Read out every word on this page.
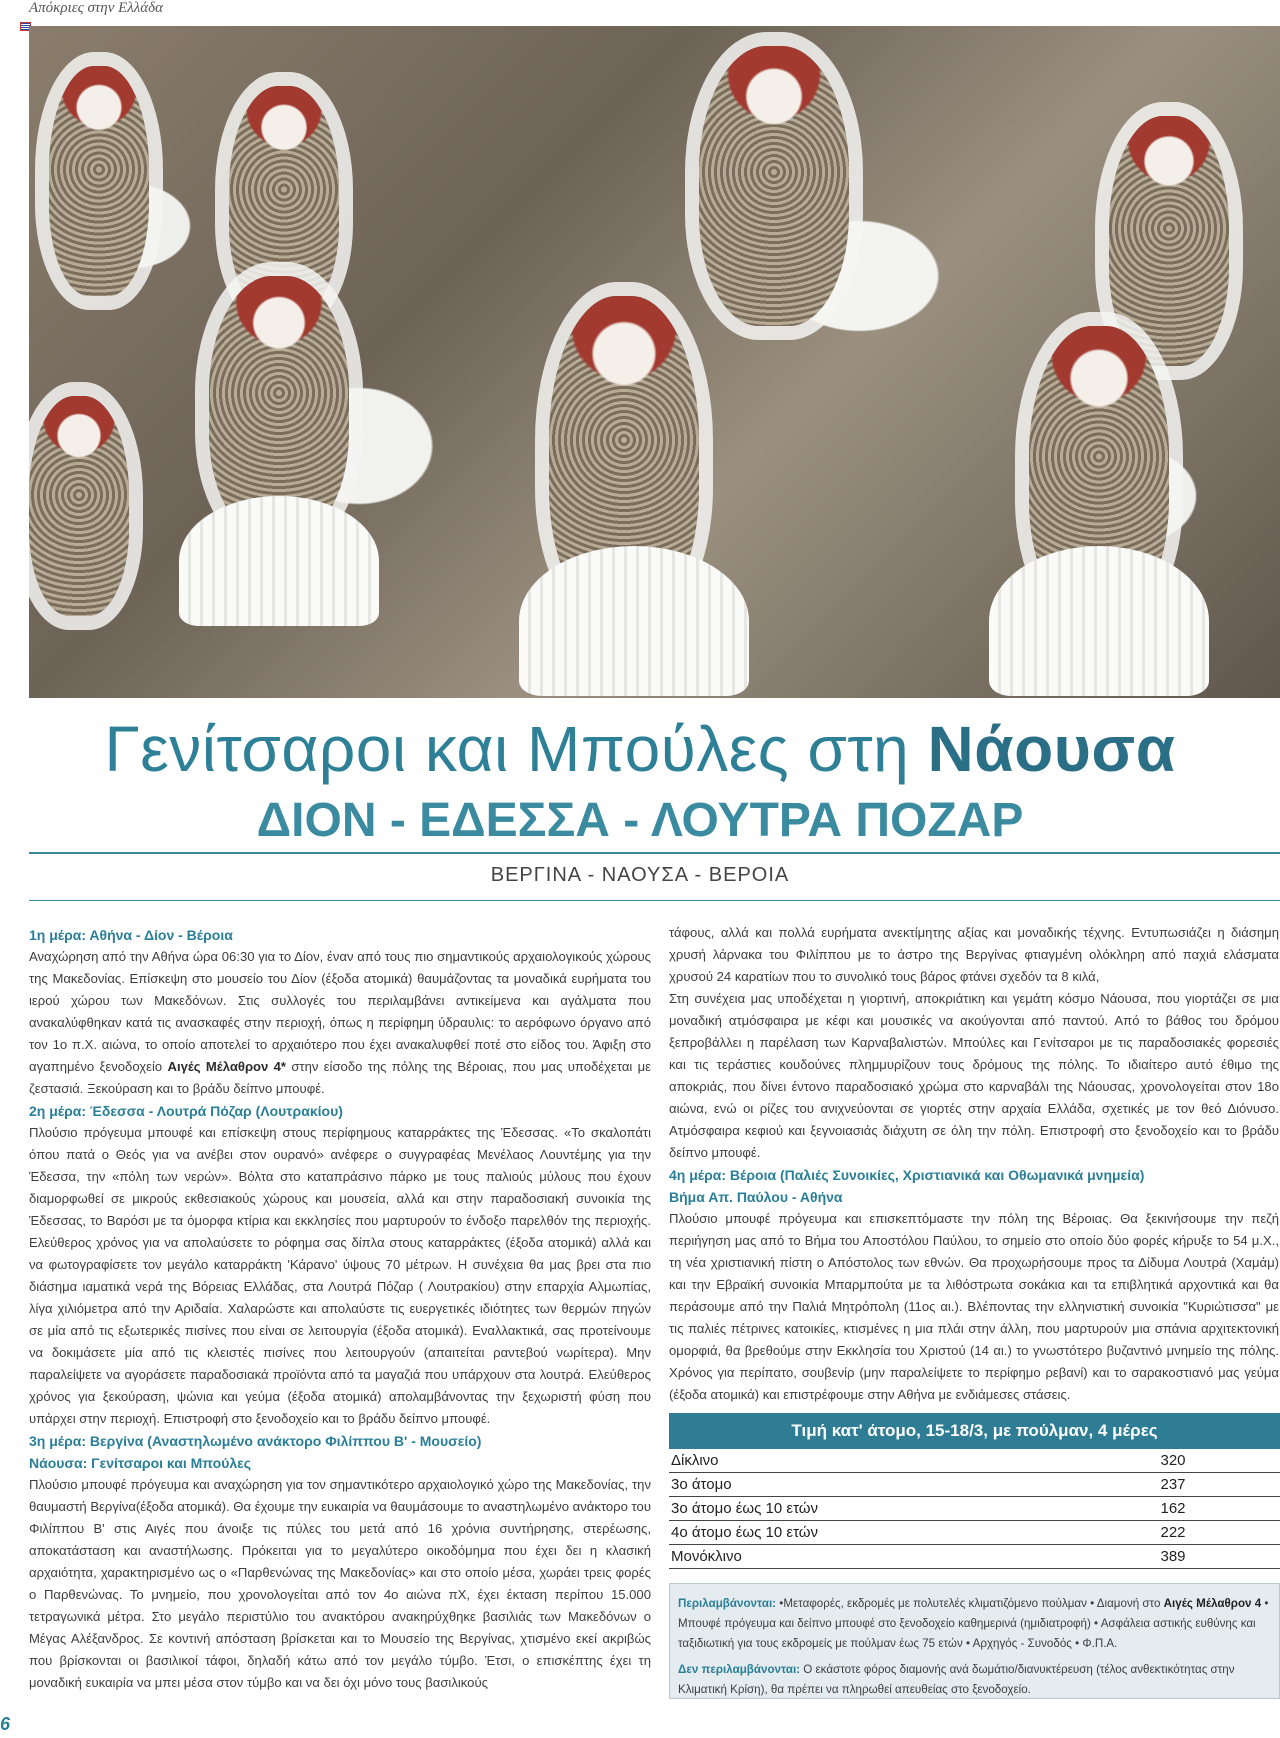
Απόκριες στην Ελλάδα
Γενίτσαροι και Μπούλες στη Νάουσα
ΔΙΟΝ - ΕΔΕΣΣΑ - ΛΟΥΤΡΑ ΠΟΖΑΡ
ΒΕΡΓΙΝΑ - ΝΑΟΥΣΑ - ΒΕΡΟΙΑ

1η μέρα: Αθήνα - Δίον - Βέροια

Αναχώρηση από την Αθήνα ώρα 06:30 για το Δίον, έναν από τους πιο σημαντικούς αρχαιολογικούς χώρους της Μακεδονίας. Επίσκεψη στο μουσείο του Δίον (έξοδα ατομικά) θαυμάζοντας τα μοναδικά ευρήματα του ιερού χώρου των Μακεδόνων. Στις συλλογές του περιλαμβάνει αντικείμενα και αγάλματα που ανακαλύφθηκαν κατά τις ανασκαφές στην περιοχή, όπως η περίφημη ύδραυλις: το αερόφωνο όργανο από τον 1ο π.Χ. αιώνα, το οποίο αποτελεί το αρχαιότερο που έχει ανακαλυφθεί ποτέ στο είδος του. Άφιξη στο αγαπημένο ξενοδοχείο Αιγές Μέλαθρον 4* στην είσοδο της πόλης της Βέροιας, που μας υποδέχεται με ζεστασιά. Ξεκούραση και το βράδυ δείπνο μπουφέ.

2η μέρα: Έδεσσα - Λουτρά Πόζαρ (Λουτρακίου)

Πλούσιο πρόγευμα μπουφέ και επίσκεψη στους περίφημους καταρράκτες της Έδεσσας. «Το σκαλοπάτι όπου πατά ο Θεός για να ανέβει στον ουρανό» ανέφερε ο συγγραφέας Μενέλαος Λουντέμης για την Έδεσσα, την «πόλη των νερών». Βόλτα στο καταπράσινο πάρκο με τους παλιούς μύλους που έχουν διαμορφωθεί σε μικρούς εκθεσιακούς χώρους και μουσεία, αλλά και στην παραδοσιακή συνοικία της Έδεσσας, το Βαρόσι με τα όμορφα κτίρια και εκκλησίες που μαρτυρούν το ένδοξο παρελθόν της περιοχής. Ελεύθερος χρόνος για να απολαύσετε το ρόφημα σας δίπλα στους καταρράκτες (έξοδα ατομικά) αλλά και να φωτογραφίσετε τον μεγάλο καταρράκτη 'Κάρανο' ύψους 70 μέτρων. Η συνέχεια θα μας βρει στα πιο διάσημα ιαματικά νερά της Βόρειας Ελλάδας, στα Λουτρά Πόζαρ ( Λουτρακίου) στην επαρχία Αλμωπίας, λίγα χιλιόμετρα από την Αριδαία. Χαλαρώστε και απολαύστε τις ευεργετικές ιδιότητες των θερμών πηγών σε μία από τις εξωτερικές πισίνες που είναι σε λειτουργία (έξοδα ατομικά). Εναλλακτικά, σας προτείνουμε να δοκιμάσετε μία από τις κλειστές πισίνες που λειτουργούν (απαιτείται ραντεβού νωρίτερα). Μην παραλείψετε να αγοράσετε παραδοσιακά προϊόντα από τα μαγαζιά που υπάρχουν στα λουτρά. Ελεύθερος χρόνος για ξεκούραση, ψώνια και γεύμα (έξοδα ατομικά) απολαμβάνοντας την ξεχωριστή φύση που υπάρχει στην περιοχή. Επιστροφή στο ξενοδοχείο και το βράδυ δείπνο μπουφέ.

3η μέρα: Βεργίνα (Αναστηλωμένο ανάκτορο Φιλίππου Β' - Μουσείο)

Νάουσα: Γενίτσαροι και Μπούλες

Πλούσιο μπουφέ πρόγευμα και αναχώρηση για τον σημαντικότερο αρχαιολογικό χώρο της Μακεδονίας, την θαυμαστή Βεργίνα(έξοδα ατομικά). Θα έχουμε την ευκαιρία να θαυμάσουμε το αναστηλωμένο ανάκτορο του Φιλίππου Β' στις Αιγές που άνοιξε τις πύλες του μετά από 16 χρόνια συντήρησης, στερέωσης, αποκατάσταση και αναστήλωσης. Πρόκειται για το μεγαλύτερο οικοδόμημα που έχει δει η κλασική αρχαιότητα, χαρακτηρισμένο ως ο «Παρθενώνας της Μακεδονίας» και στο οποίο μέσα, χωράει τρεις φορές ο Παρθενώνας. Το μνημείο, που χρονολογείται από τον 4ο αιώνα πΧ, έχει έκταση περίπου 15.000 τετραγωνικά μέτρα. Στο μεγάλο περιστύλιο του ανακτόρου ανακηρύχθηκε βασιλιάς των Μακεδόνων ο Μέγας Αλέξανδρος. Σε κοντινή απόσταση βρίσκεται και το Μουσείο της Βεργίνας, χτισμένο εκεί ακριβώς που βρίσκονται οι βασιλικοί τάφοι, δηλαδή κάτω από τον μεγάλο τύμβο. Έτσι, ο επισκέπτης έχει τη μοναδική ευκαιρία να μπει μέσα στον τύμβο και να δει όχι μόνο τους βασιλικούς

τάφους, αλλά και πολλά ευρήματα ανεκτίμητης αξίας και μοναδικής τέχνης. Εντυπωσιάζει η διάσημη χρυσή λάρνακα του Φιλίππου με το άστρο της Βεργίνας φτιαγμένη ολόκληρη από παχιά ελάσματα χρυσού 24 καρατίων που το συνολικό τους βάρος φτάνει σχεδόν τα 8 κιλά,

Στη συνέχεια μας υποδέχεται η γιορτινή, αποκριάτικη και γεμάτη κόσμο Νάουσα, που γιορτάζει σε μια μοναδική ατμόσφαιρα με κέφι και μουσικές να ακούγονται από παντού. Από το βάθος του δρόμου ξεπροβάλλει η παρέλαση των Καρναβαλιστών. Μπούλες και Γενίτσαροι με τις παραδοσιακές φορεσιές και τις τεράστιες κουδούνες πλημμυρίζουν τους δρόμους της πόλης. Το ιδιαίτερο αυτό έθιμο της αποκριάς, που δίνει έντονο παραδοσιακό χρώμα στο καρναβάλι της Νάουσας, χρονολογείται στον 18ο αιώνα, ενώ οι ρίζες του ανιχνεύονται σε γιορτές στην αρχαία Ελλάδα, σχετικές με τον θεό Διόνυσο. Ατμόσφαιρα κεφιού και ξεγνοιασιάς διάχυτη σε όλη την πόλη. Επιστροφή στο ξενοδοχείο και το βράδυ δείπνο μπουφέ.

4η μέρα: Βέροια (Παλιές Συνοικίες, Χριστιανικά και Οθωμανικά μνημεία)

Βήμα Απ. Παύλου - Αθήνα

Πλούσιο μπουφέ πρόγευμα και επισκεπτόμαστε την πόλη της Βέροιας. Θα ξεκινήσουμε την πεζή περιήγηση μας από το Βήμα του Αποστόλου Παύλου, το σημείο στο οποίο δύο φορές κήρυξε το 54 μ.Χ., τη νέα χριστιανική πίστη ο Απόστολος των εθνών. Θα προχωρήσουμε προς τα Δίδυμα Λουτρά (Χαμάμ) και την Εβραϊκή συνοικία Μπαρμπούτα με τα λιθόστρωτα σοκάκια και τα επιβλητικά αρχοντικά και θα περάσουμε από την Παλιά Μητρόπολη (11ος αι.). Βλέποντας την ελληνιστική συνοικία "Κυριώτισσα" με τις παλιές πέτρινες κατοικίες, κτισμένες η μια πλάι στην άλλη, που μαρτυρούν μια σπάνια αρχιτεκτονική ομορφιά, θα βρεθούμε στην Εκκλησία του Χριστού (14 αι.) το γνωστότερο βυζαντινό μνημείο της πόλης. Χρόνος για περίπατο, σουβενίρ (μην παραλείψετε το περίφημο ρεβανί) και το σαρακοστιανό μας γεύμα (έξοδα ατομικά) και επιστρέφουμε στην Αθήνα με ενδιάμεσες στάσεις.

Τιμή κατ' άτομο, 15-18/3, με πούλμαν, 4 μέρες	
Δίκλινο	320
3ο άτομο	237
3ο άτομο έως 10 ετών	162
4ο άτομο έως 10 ετών	222
Μονόκλινο	389

Περιλαμβάνονται: •Μεταφορές, εκδρομές με πολυτελές κλιματιζόμενο πούλμαν • Διαμονή στο Αιγές Μέλαθρον 4 • Μπουφέ πρόγευμα και δείπνο μπουφέ στο ξενοδοχείο καθημερινά (ημιδιατροφή) • Ασφάλεια αστικής ευθύνης και ταξιδιωτική για τους εκδρομείς με πούλμαν έως 75 ετών • Αρχηγός - Συνοδός • Φ.Π.Α.

Δεν περιλαμβάνονται: Ο εκάστοτε φόρος διαμονής ανά δωμάτιο/διανυκτέρευση (τέλος ανθεκτικότητας στην Κλιματική Κρίση), θα πρέπει να πληρωθεί απευθείας στο ξενοδοχείο.

6
